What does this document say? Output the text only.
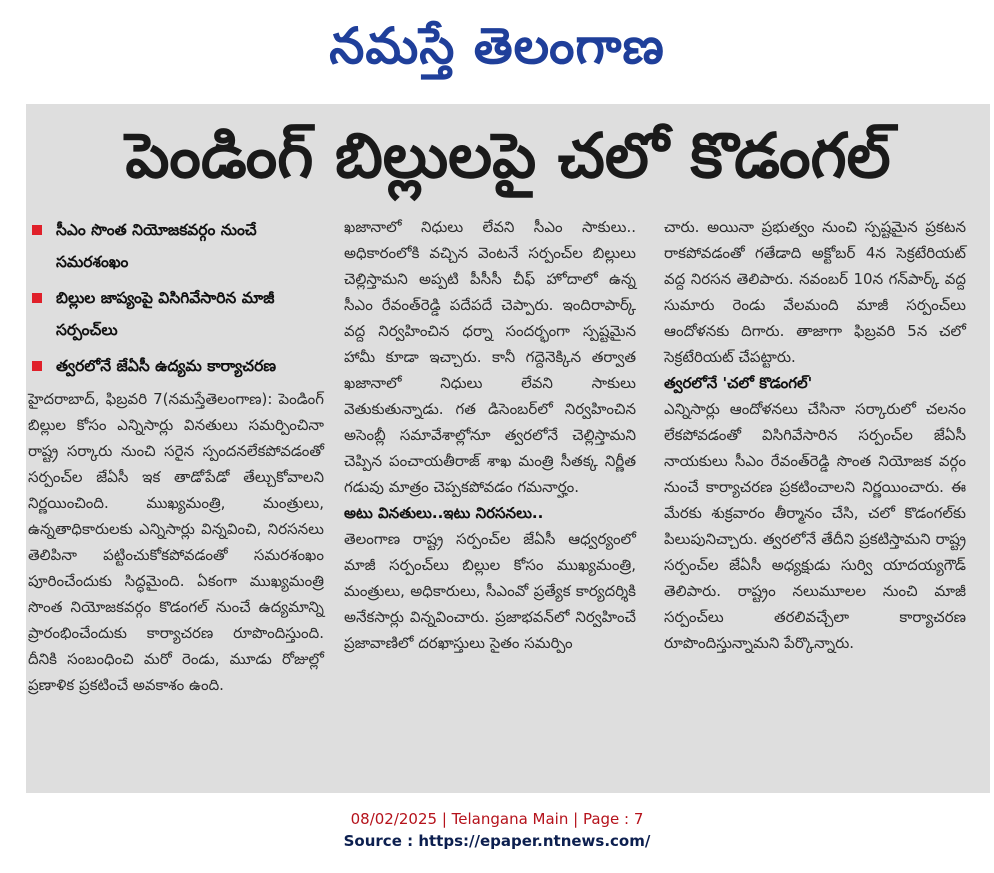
నమస్తే తెలంగాణ
పెండింగ్ బిల్లులపై చలో కొడంగల్
సీఎం సొంత నియోజకవర్గం నుంచే సమరశంఖం
బిల్లుల జాప్యంపై విసిగివేసారిన మాజీ సర్పంచ్‌లు
త్వరలోనే జేఏసీ ఉద్యమ కార్యాచరణ

హైదరాబాద్, ఫిబ్రవరి 7(నమస్తేతెలంగాణ): పెండింగ్ బిల్లుల కోసం ఎన్నిసార్లు వినతులు సమర్పించినా రాష్ట్ర సర్కారు నుంచి సరైన స్పందనలేకపోవడంతో సర్పంచ్‌ల జేఏసీ ఇక తాడోపేడో తేల్చుకోవాలని నిర్ణయించింది. ముఖ్యమంత్రి, మంత్రులు, ఉన్నతాధికారులకు ఎన్నిసార్లు విన్నవించి, నిరసనలు తెలిపినా పట్టించుకోకపోవడంతో సమరశంఖం పూరించేందుకు సిద్ధమైంది. ఏకంగా ముఖ్యమంత్రి సొంత నియోజకవర్గం కొడంగల్ నుంచే ఉద్యమాన్ని ప్రారంభించేందుకు కార్యాచరణ రూపొందిస్తుంది. దీనికి సంబంధించి మరో రెండు, మూడు రోజుల్లో ప్రణాళిక ప్రకటించే అవకాశం ఉంది.

ఖజానాలో నిధులు లేవని సీఎం సాకులు.. అధికారంలోకి వచ్చిన వెంటనే సర్పంచ్‌ల బిల్లులు చెల్లిస్తామని అప్పటి పీసీసీ చీఫ్ హోదాలో ఉన్న సీఎం రేవంత్‌రెడ్డి పదేపదే చెప్పారు. ఇందిరాపార్క్ వద్ద నిర్వహించిన ధర్నా సందర్భంగా స్పష్టమైన హామీ కూడా ఇచ్చారు. కానీ గద్దెనెక్కిన తర్వాత ఖజానాలో నిధులు లేవని సాకులు వెతుకుతున్నాడు. గత డిసెంబర్‌లో నిర్వహించిన అసెంబ్లీ సమావేశాల్లోనూ త్వరలోనే చెల్లిస్తామని చెప్పిన పంచాయతీరాజ్ శాఖ మంత్రి సీతక్క నిర్ణీత గడువు మాత్రం చెప్పకపోవడం గమనార్హం.

అటు వినతులు..ఇటు నిరసనలు..

తెలంగాణ రాష్ట్ర సర్పంచ్‌ల జేఏసీ ఆధ్వర్యంలో మాజీ సర్పంచ్‌లు బిల్లుల కోసం ముఖ్యమంత్రి, మంత్రులు, అధికారులు, సీఎంవో ప్రత్యేక కార్యదర్శికి అనేకసార్లు విన్నవించారు. ప్రజాభవన్‌లో నిర్వహించే ప్రజావాణిలో దరఖాస్తులు సైతం సమర్పిం

చారు. అయినా ప్రభుత్వం నుంచి స్పష్టమైన ప్రకటన రాకపోవడంతో గతేడాది అక్టోబర్ 4న సెక్రటేరియట్ వద్ద నిరసన తెలిపారు. నవంబర్ 10న గన్‌పార్క్ వద్ద సుమారు రెండు వేలమంది మాజీ సర్పంచ్‌లు ఆందోళనకు దిగారు. తాజాగా ఫిబ్రవరి 5న చలో సెక్రటేరియట్ చేపట్టారు.

త్వరలోనే 'చలో కొడంగల్'

ఎన్నిసార్లు ఆందోళనలు చేసినా సర్కారులో చలనం లేకపోవడంతో విసిగివేసారిన సర్పంచ్‌ల జేఏసీ నాయకులు సీఎం రేవంత్‌రెడ్డి సొంత నియోజక వర్గం నుంచే కార్యాచరణ ప్రకటించాలని నిర్ణయించారు. ఈ మేరకు శుక్రవారం తీర్మానం చేసి, చలో కొడంగల్‌కు పిలుపునిచ్చారు. త్వరలోనే తేదీని ప్రకటిస్తామని రాష్ట్ర సర్పంచ్‌ల జేఏసీ అధ్యక్షుడు సుర్వి యాదయ్యగౌడ్ తెలిపారు. రాష్ట్రం నలుమూలల నుంచి మాజీ సర్పంచ్‌లు తరలివచ్చేలా కార్యాచరణ రూపొందిస్తున్నామని పేర్కొన్నారు.

08/02/2025 | Telangana Main | Page : 7
Source : https://epaper.ntnews.com/
